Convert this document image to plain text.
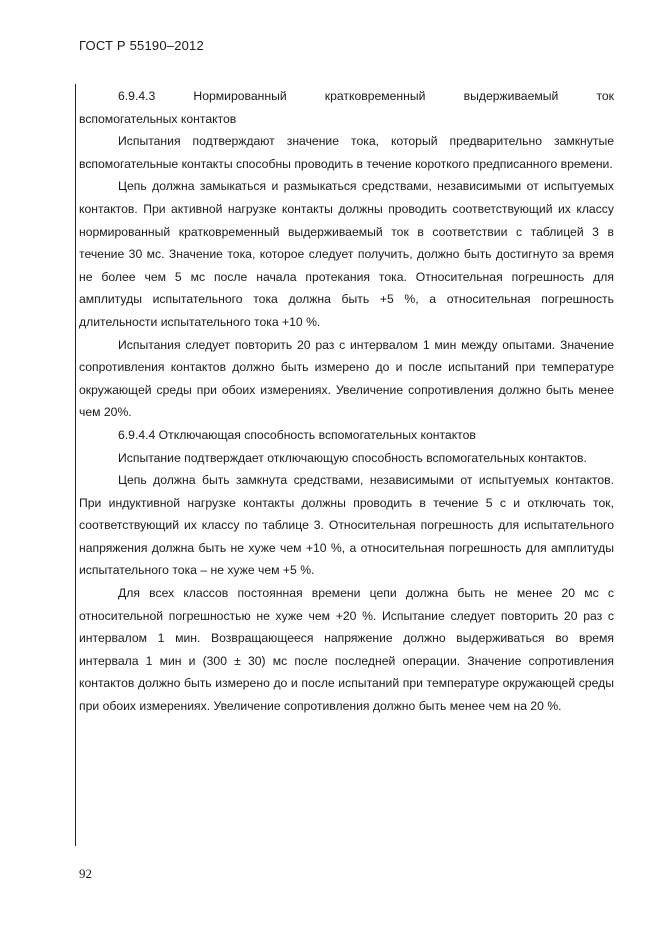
ГОСТ Р 55190–2012

6.9.4.3 Нормированный кратковременный выдерживаемый ток

вспомогательных контактов

Испытания подтверждают значение тока, который предварительно замкнутые вспомогательные контакты способны проводить в течение короткого предписанного времени.

Цепь должна замыкаться и размыкаться средствами, независимыми от испытуемых контактов. При активной нагрузке контакты должны проводить соответствующий их классу нормированный кратковременный выдерживаемый ток в соответствии с таблицей 3 в течение 30 мс. Значение тока, которое следует получить, должно быть достигнуто за время не более чем 5 мс после начала протекания тока. Относительная погрешность для амплитуды испытательного тока должна быть +5 %, а относительная погрешность длительности испытательного тока +10 %.

Испытания следует повторить 20 раз с интервалом 1 мин между опытами. Значение сопротивления контактов должно быть измерено до и после испытаний при температуре окружающей среды при обоих измерениях. Увеличение сопротивления должно быть менее чем 20%.

6.9.4.4 Отключающая способность вспомогательных контактов

Испытание подтверждает отключающую способность вспомогательных контактов.

Цепь должна быть замкнута средствами, независимыми от испытуемых контактов. При индуктивной нагрузке контакты должны проводить в течение 5 с и отключать ток, соответствующий их классу по таблице 3. Относительная погрешность для испытательного напряжения должна быть не хуже чем +10 %, а относительная погрешность для амплитуды испытательного тока – не хуже чем +5 %.

Для всех классов постоянная времени цепи должна быть не менее 20 мс с относительной погрешностью не хуже чем +20 %. Испытание следует повторить 20 раз с интервалом 1 мин. Возвращающееся напряжение должно выдерживаться во время интервала 1 мин и (300 ± 30) мс после последней операции. Значение сопротивления контактов должно быть измерено до и после испытаний при температуре окружающей среды при обоих измерениях. Увеличение сопротивления должно быть менее чем на 20 %.

92
